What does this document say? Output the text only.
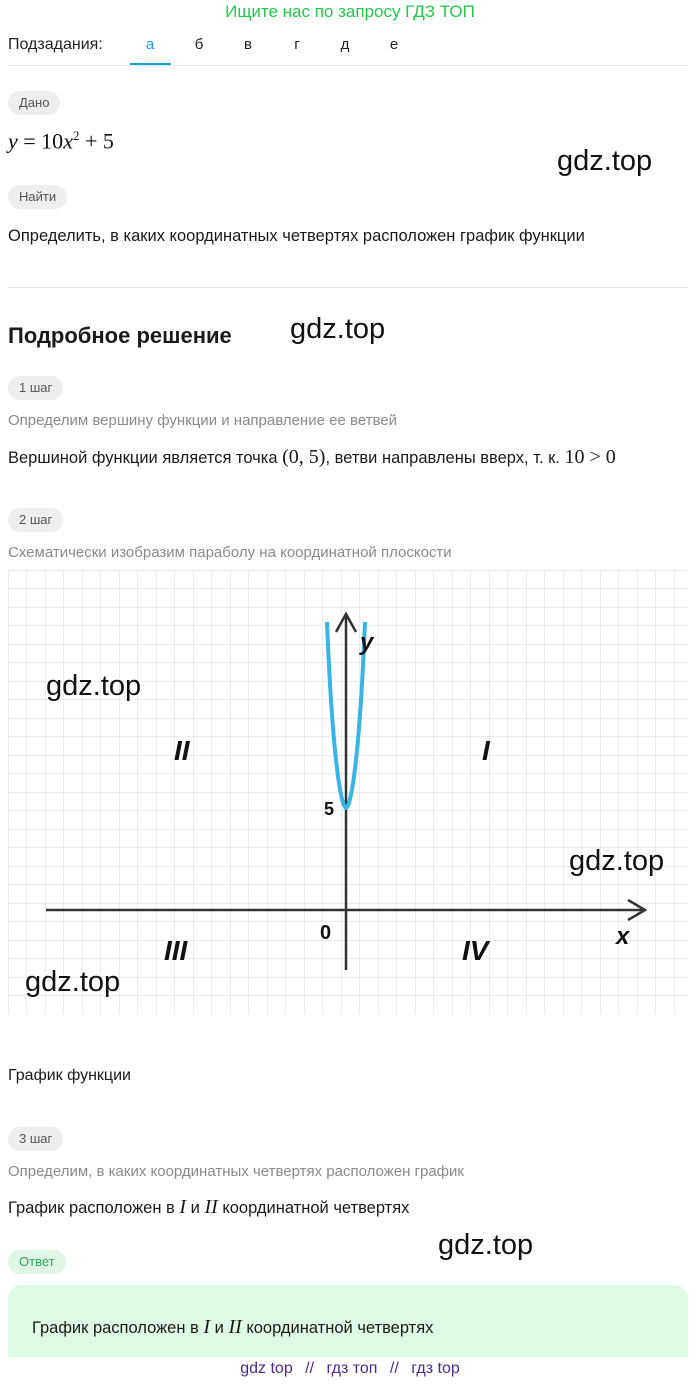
Ищите нас по запросу ГДЗ ТОП
Подзадания:	а	б	в	г	д	е
Дано
$y = 10x^2 + 5$
gdz.top
Найти
Определить, в каких координатных четвертях расположен график функции
Подробное решение gdz.top
1 шаг
Определим вершину функции и направление ее ветвей
Вершиной функции является точка (0, 5), ветви направлены вверх, т. к. 10 > 0
2 шаг
Схематически изобразим параболу на координатной плоскости
y
x
0
5
II	I
III	IV
gdz.top
gdz.top
gdz.top
График функции
3 шаг
Определим, в каких координатных четвертях расположен график
График расположен в I и II координатной четвертях
gdz.top
Ответ
График расположен в I и II координатной четвертях
gdz top // гдз топ // гдз top
